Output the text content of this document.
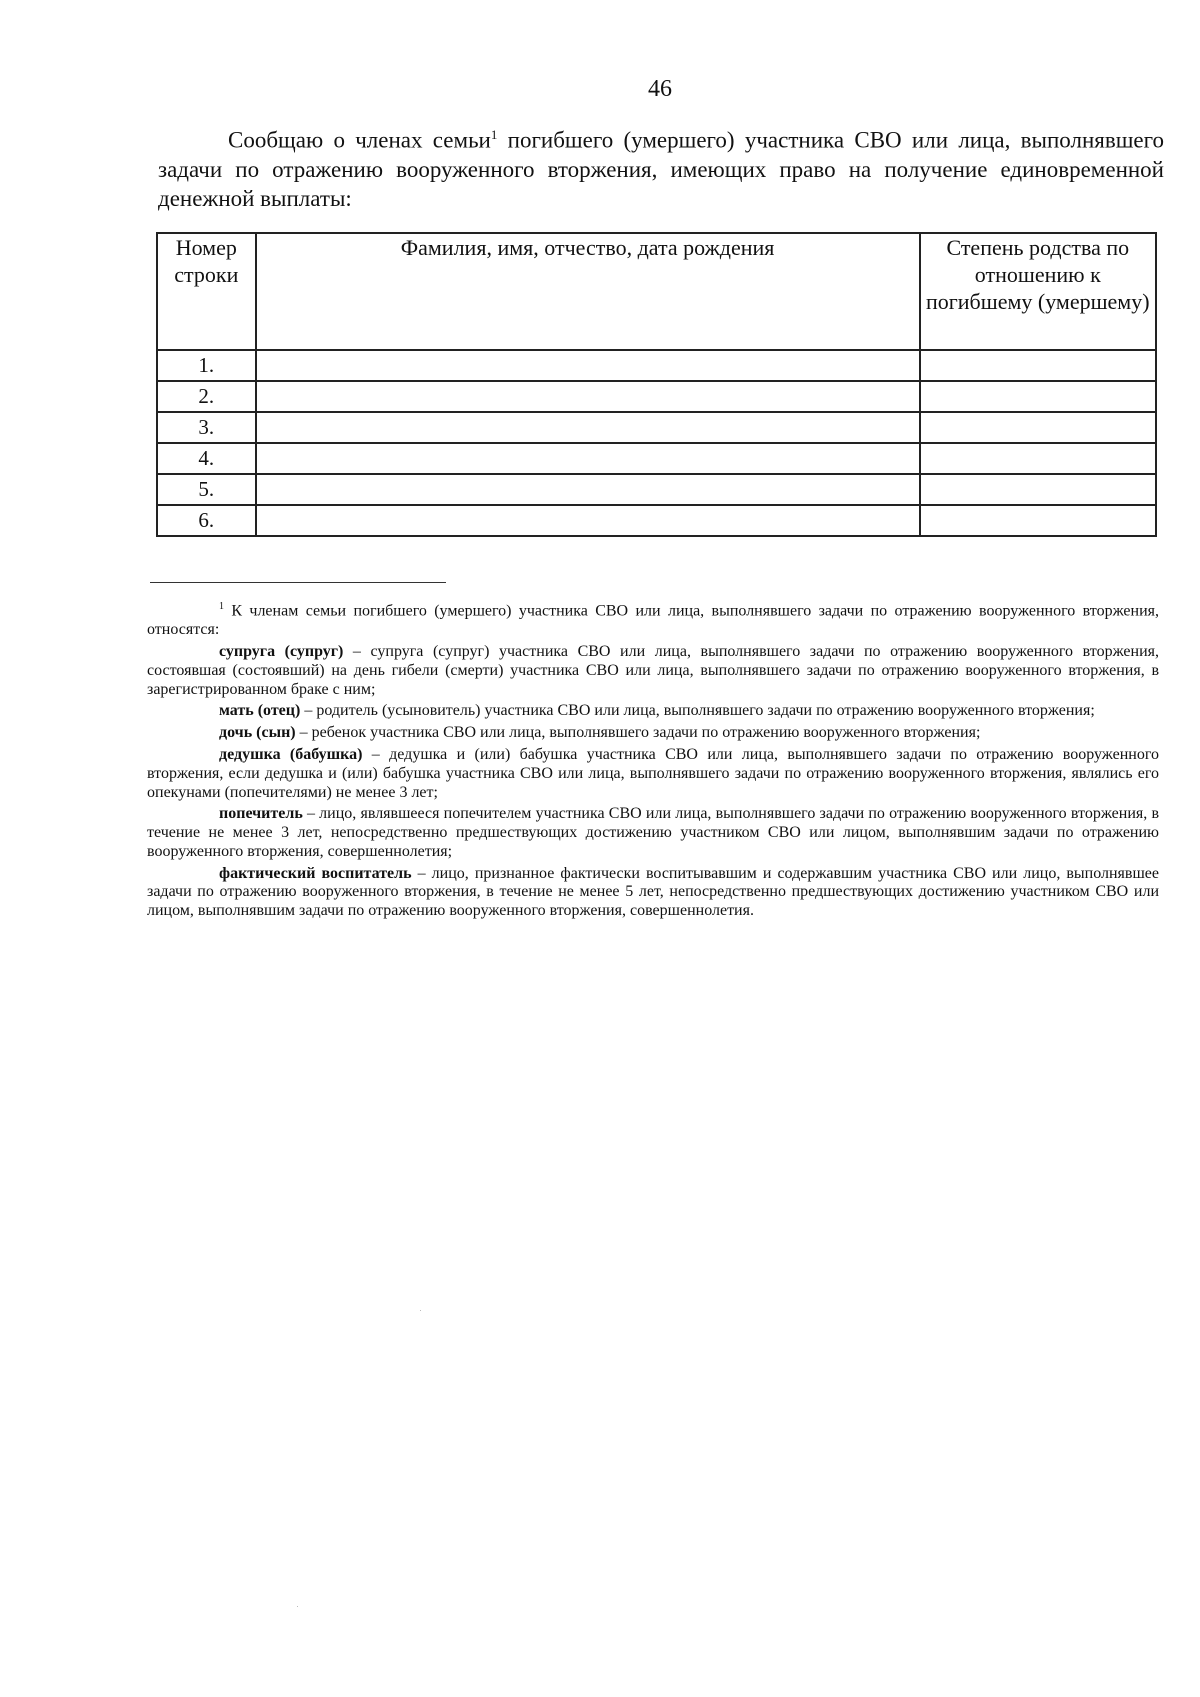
46

Сообщаю о членах семьи$^1$ погибшего (умершего) участника СВО или лица, выполнявшего задачи по отражению вооруженного вторжения, имеющих право на получение единовременной денежной выплаты:

Номер строки	Фамилия, имя, отчество, дата рождения	Степень родства по отношению к погибшему (умершему)
1.		
2.		
3.		
4.		
5.		
6.		

$^1$ К членам семьи погибшего (умершего) участника СВО или лица, выполнявшего задачи по отражению вооруженного вторжения, относятся:

супруга (супруг) – супруга (супруг) участника СВО или лица, выполнявшего задачи по отражению вооруженного вторжения, состоявшая (состоявший) на день гибели (смерти) участника СВО или лица, выполнявшего задачи по отражению вооруженного вторжения, в зарегистрированном браке с ним;

мать (отец) – родитель (усыновитель) участника СВО или лица, выполнявшего задачи по отражению вооруженного вторжения;

дочь (сын) – ребенок участника СВО или лица, выполнявшего задачи по отражению вооруженного вторжения;

дедушка (бабушка) – дедушка и (или) бабушка участника СВО или лица, выполнявшего задачи по отражению вооруженного вторжения, если дедушка и (или) бабушка участника СВО или лица, выполнявшего задачи по отражению вооруженного вторжения, являлись его опекунами (попечителями) не менее 3 лет;

попечитель – лицо, являвшееся попечителем участника СВО или лица, выполнявшего задачи по отражению вооруженного вторжения, в течение не менее 3 лет, непосредственно предшествующих достижению участником СВО или лицом, выполнявшим задачи по отражению вооруженного вторжения, совершеннолетия;

фактический воспитатель – лицо, признанное фактически воспитывавшим и содержавшим участника СВО или лицо, выполнявшее задачи по отражению вооруженного вторжения, в течение не менее 5 лет, непосредственно предшествующих достижению участником СВО или лицом, выполнявшим задачи по отражению вооруженного вторжения, совершеннолетия.
